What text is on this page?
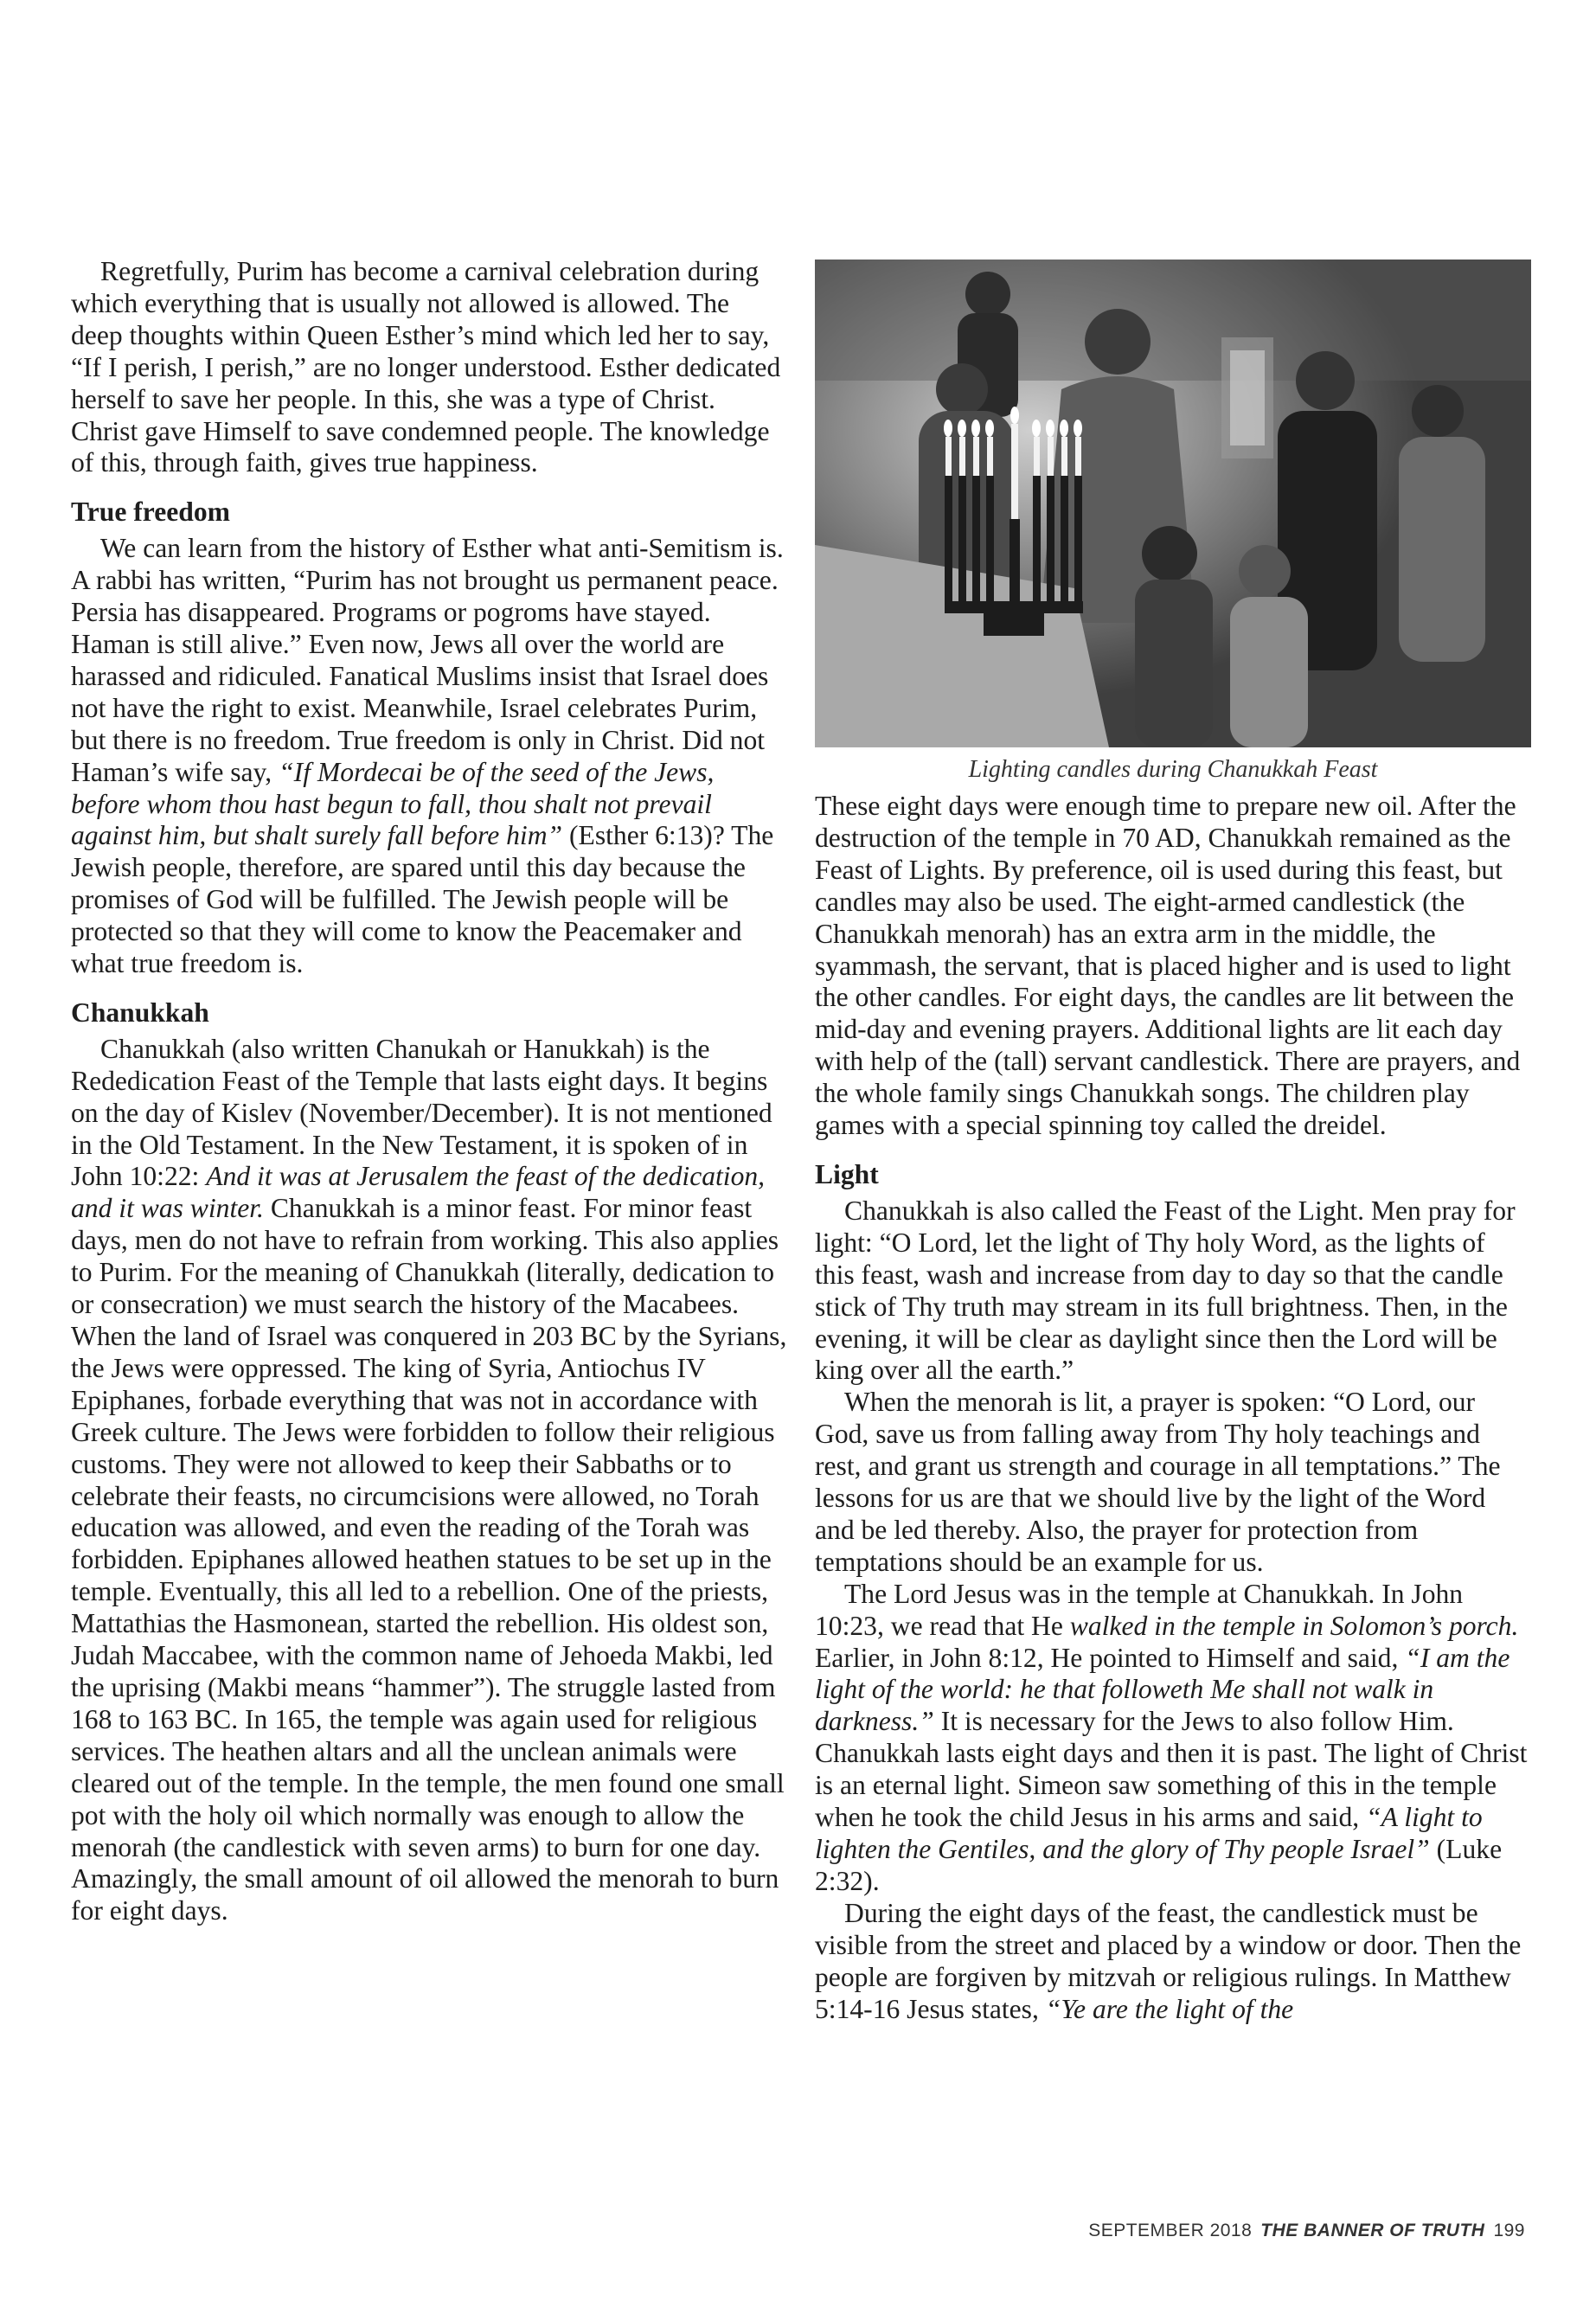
Regretfully, Purim has become a carnival celebration during which everything that is usually not allowed is allowed. The deep thoughts within Queen Esther’s mind which led her to say, “If I perish, I perish,” are no longer understood. Esther dedicated herself to save her people. In this, she was a type of Christ. Christ gave Himself to save condemned people. The knowledge of this, through faith, gives true happiness.

True freedom

We can learn from the history of Esther what anti-Semitism is. A rabbi has written, “Purim has not brought us permanent peace. Persia has disappeared. Programs or pogroms have stayed. Haman is still alive.” Even now, Jews all over the world are harassed and ridiculed. Fanatical Muslims insist that Israel does not have the right to exist. Meanwhile, Israel celebrates Purim, but there is no freedom. True freedom is only in Christ. Did not Haman’s wife say, “If Mordecai be of the seed of the Jews, before whom thou hast begun to fall, thou shalt not prevail against him, but shalt surely fall before him” (Esther 6:13)? The Jewish people, therefore, are spared until this day because the promises of God will be fulfilled. The Jewish people will be protected so that they will come to know the Peacemaker and what true freedom is.

Chanukkah

Chanukkah (also written Chanukah or Hanukkah) is the Rededication Feast of the Temple that lasts eight days. It begins on the day of Kislev (November/December). It is not mentioned in the Old Testament. In the New Testament, it is spoken of in John 10:22: And it was at Jerusalem the feast of the dedication, and it was winter. Chanukkah is a minor feast. For minor feast days, men do not have to refrain from working. This also applies to Purim. For the meaning of Chanukkah (literally, dedication to or consecration) we must search the history of the Macabees. When the land of Israel was conquered in 203 BC by the Syrians, the Jews were oppressed. The king of Syria, Antiochus IV Epiphanes, forbade everything that was not in accordance with Greek culture. The Jews were forbidden to follow their religious customs. They were not allowed to keep their Sabbaths or to celebrate their feasts, no circumcisions were allowed, no Torah education was allowed, and even the reading of the Torah was forbidden. Epiphanes allowed heathen statues to be set up in the temple. Eventually, this all led to a rebellion. One of the priests, Mattathias the Hasmonean, started the rebellion. His oldest son, Judah Maccabee, with the common name of Jehoeda Makbi, led the uprising (Makbi means “hammer”). The struggle lasted from 168 to 163 BC. In 165, the temple was again used for religious services. The heathen altars and all the unclean animals were cleared out of the temple. In the temple, the men found one small pot with the holy oil which normally was enough to allow the menorah (the candlestick with seven arms) to burn for one day. Amazingly, the small amount of oil allowed the menorah to burn for eight days.

Lighting candles during Chanukkah Feast

These eight days were enough time to prepare new oil. After the destruction of the temple in 70 AD, Chanukkah remained as the Feast of Lights. By preference, oil is used during this feast, but candles may also be used. The eight-armed candlestick (the Chanukkah menorah) has an extra arm in the middle, the syammash, the servant, that is placed higher and is used to light the other candles. For eight days, the candles are lit between the mid-day and evening prayers. Additional lights are lit each day with help of the (tall) servant candlestick. There are prayers, and the whole family sings Chanukkah songs. The children play games with a special spinning toy called the dreidel.

Light

Chanukkah is also called the Feast of the Light. Men pray for light: “O Lord, let the light of Thy holy Word, as the lights of this feast, wash and increase from day to day so that the candle stick of Thy truth may stream in its full brightness. Then, in the evening, it will be clear as daylight since then the Lord will be king over all the earth.”

When the menorah is lit, a prayer is spoken: “O Lord, our God, save us from falling away from Thy holy teachings and rest, and grant us strength and courage in all temptations.” The lessons for us are that we should live by the light of the Word and be led thereby. Also, the prayer for protection from temptations should be an example for us.

The Lord Jesus was in the temple at Chanukkah. In John 10:23, we read that He walked in the temple in Solomon’s porch. Earlier, in John 8:12, He pointed to Himself and said, “I am the light of the world: he that followeth Me shall not walk in darkness.” It is necessary for the Jews to also follow Him. Chanukkah lasts eight days and then it is past. The light of Christ is an eternal light. Simeon saw something of this in the temple when he took the child Jesus in his arms and said, “A light to lighten the Gentiles, and the glory of Thy people Israel” (Luke 2:32).

During the eight days of the feast, the candlestick must be visible from the street and placed by a window or door. Then the people are forgiven by mitzvah or religious rulings. In Matthew 5:14-16 Jesus states, “Ye are the light of the

SEPTEMBER 2018 THE BANNER OF TRUTH 199
